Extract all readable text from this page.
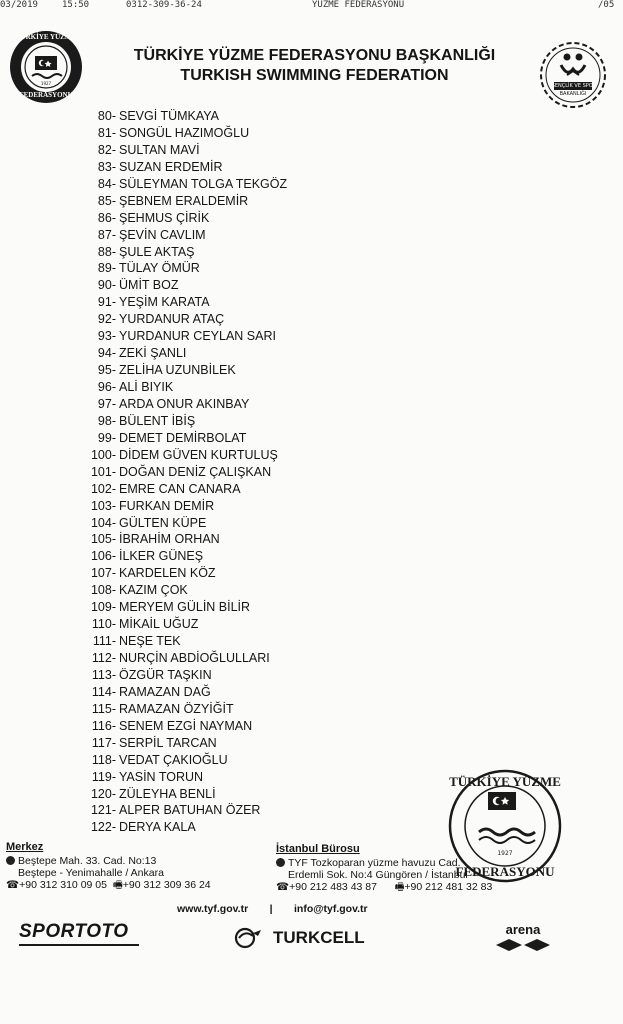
03/2019	15:50	0312-309-36-24	YUZME FEDERASYONU	/05
TÜRKİYE YÜZME
FEDERASYONU
1927
TÜRKİYE YÜZME FEDERASYONU BAŞKANLIĞI
TURKISH SWIMMING FEDERATION
GENÇLİK VE SPOR
BAKANLIĞI
80- SEVGİ TÜMKAYA
81- SONGÜL HAZIMOĞLU
82- SULTAN MAVİ
83- SUZAN ERDEMİR
84- SÜLEYMAN TOLGA TEKGÖZ
85- ŞEBNEM ERALDEMİR
86- ŞEHMUS ÇİRİK
87- ŞEVİN CAVLIM
88- ŞULE AKTAŞ
89- TÜLAY ÖMÜR
90- ÜMİT BOZ
91- YEŞİM KARATA
92- YURDANUR ATAÇ
93- YURDANUR CEYLAN SARI
94- ZEKİ ŞANLI
95- ZELİHA UZUNBİLEK
96- ALİ BIYIK
97- ARDA ONUR AKINBAY
98- BÜLENT İBİŞ
99- DEMET DEMİRBOLAT
100- DİDEM GÜVEN KURTULUŞ
101- DOĞAN DENİZ ÇALIŞKAN
102- EMRE CAN CANARA
103- FURKAN DEMİR
104- GÜLTEN KÜPE
105- İBRAHİM ORHAN
106- İLKER GÜNEŞ
107- KARDELEN KÖZ
108- KAZIM ÇOK
109- MERYEM GÜLİN BİLİR
110- MİKAİL UĞUZ
111- NEŞE TEK
112- NURÇİN ABDİOĞLULLARI
113- ÖZGÜR TAŞKIN
114- RAMAZAN DAĞ
115- RAMAZAN ÖZYİĞİT
116- SENEM EZGİ NAYMAN
117- SERPİL TARCAN
118- VEDAT ÇAKIOĞLU
119- YASİN TORUN
120- ZÜLEYHA BENLİ
121- ALPER BATUHAN ÖZER
122- DERYA KALA
TÜRKİYE YÜZME
FEDERASYONU
1927
Merkez
Beştepe Mah. 33. Cad. No:13
Beştepe - Yenimahalle / Ankara
☎+90 312 310 09 05 🖷+90 312 309 36 24
İstanbul Bürosu
TYF Tozkoparan yüzme havuzu Cad.
Erdemli Sok. No:4 Güngören / İstanbul
☎+90 212 483 43 87 🖷+90 212 481 32 83
www.tyf.gov.tr | info@tyf.gov.tr
SPORTOTO	TURKCELL	arena
